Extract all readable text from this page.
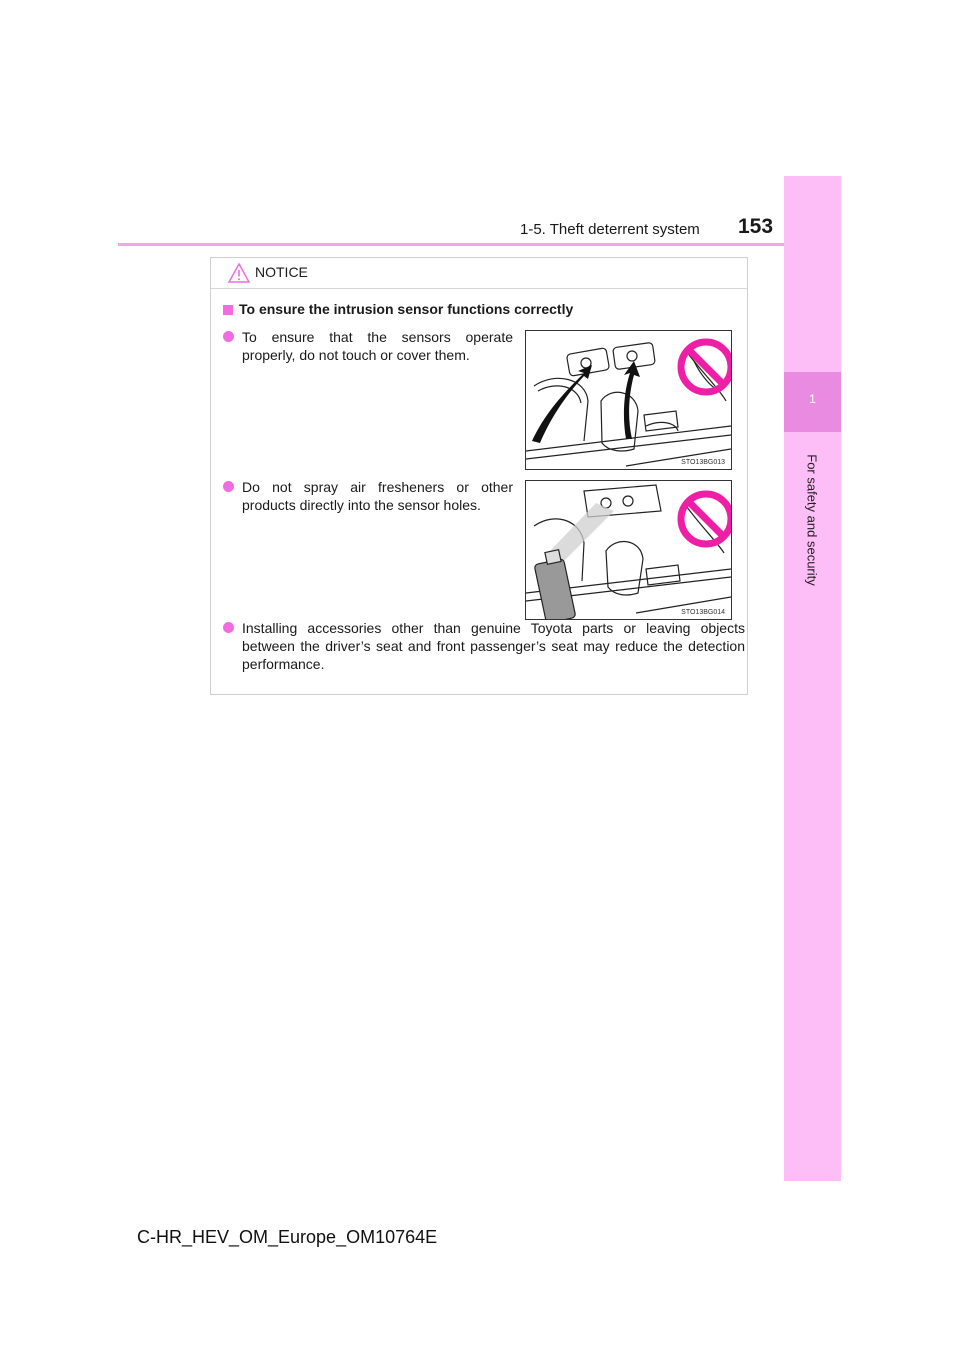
1-5. Theft deterrent system 153
1
For safety and security
NOTICE
To ensure the intrusion sensor functions correctly
To ensure that the sensors operate properly, do not touch or cover them.
STO13BG013
Do not spray air fresheners or other products directly into the sensor holes.
STO13BG014
Installing accessories other than genuine Toyota parts or leaving objects between the driver’s seat and front passenger’s seat may reduce the detection performance.
C-HR_HEV_OM_Europe_OM10764E
